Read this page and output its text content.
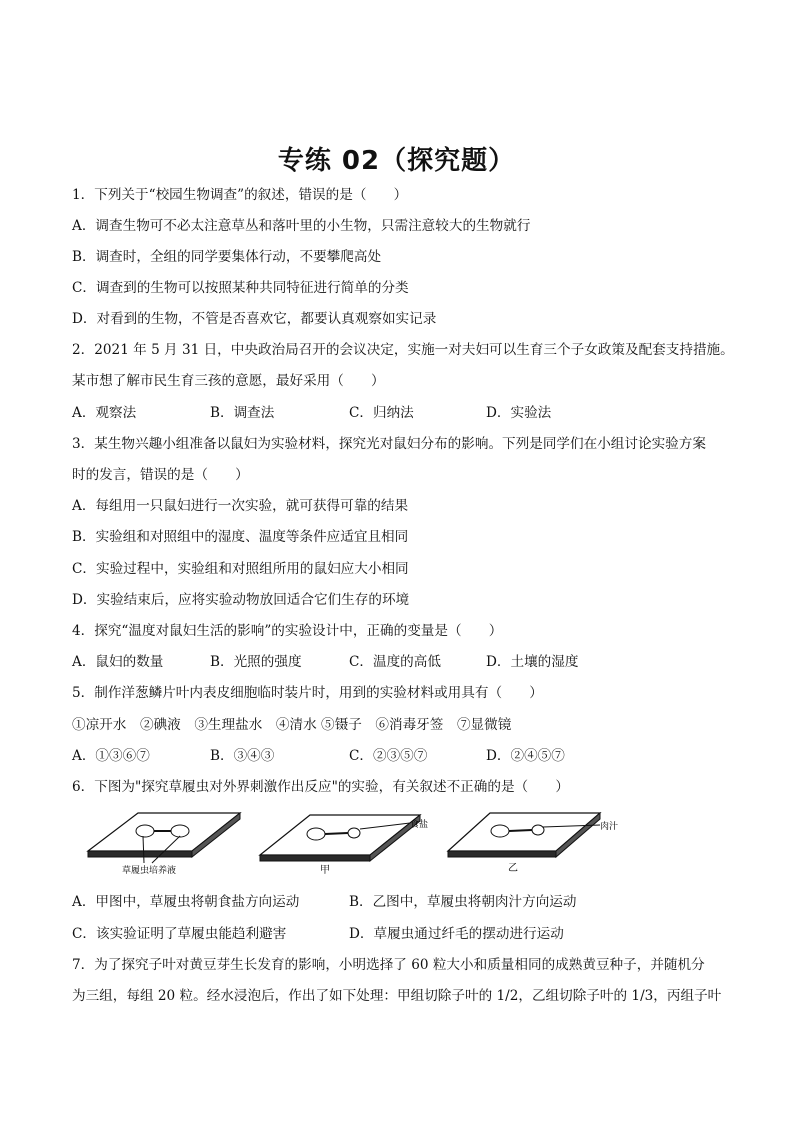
专练 02（探究题）
1．下列关于“校园生物调查”的叙述，错误的是（　　）
A．调查生物可不必太注意草丛和落叶里的小生物，只需注意较大的生物就行
B．调查时，全组的同学要集体行动，不要攀爬高处
C．调查到的生物可以按照某种共同特征进行简单的分类
D．对看到的生物，不管是否喜欢它，都要认真观察如实记录
2．2021 年 5 月 31 日，中央政治局召开的会议决定，实施一对夫妇可以生育三个子女政策及配套支持措施。
某市想了解市民生育三孩的意愿，最好采用（　　）
A．观察法	B．调查法	C．归纳法	D．实验法
3．某生物兴趣小组准备以鼠妇为实验材料，探究光对鼠妇分布的影响。下列是同学们在小组讨论实验方案
时的发言，错误的是（　　）
A．每组用一只鼠妇进行一次实验，就可获得可靠的结果
B．实验组和对照组中的湿度、温度等条件应适宜且相同
C．实验过程中，实验组和对照组所用的鼠妇应大小相同
D．实验结束后，应将实验动物放回适合它们生存的环境
4．探究“温度对鼠妇生活的影响”的实验设计中，正确的变量是（　　）
A．鼠妇的数量	B．光照的强度	C．温度的高低	D．土壤的湿度
5．制作洋葱鳞片叶内表皮细胞临时装片时，用到的实验材料或用具有（　　）
①凉开水　②碘液　③生理盐水　④清水 ⑤镊子　⑥消毒牙签　⑦显微镜
A．①③⑥⑦	B．③④③	C．②③⑤⑦	D．②④⑤⑦
6．下图为"探究草履虫对外界刺激作出反应"的实验，有关叙述不正确的是（　　）
草履虫培养液
食盐
甲
肉汁
乙
A．甲图中，草履虫将朝食盐方向运动	B．乙图中，草履虫将朝肉汁方向运动
C．该实验证明了草履虫能趋利避害	D．草履虫通过纤毛的摆动进行运动
7．为了探究子叶对黄豆芽生长发育的影响，小明选择了 60 粒大小和质量相同的成熟黄豆种子，并随机分
为三组，每组 20 粒。经水浸泡后，作出了如下处理：甲组切除子叶的 1/2，乙组切除子叶的 1/3，丙组子叶
